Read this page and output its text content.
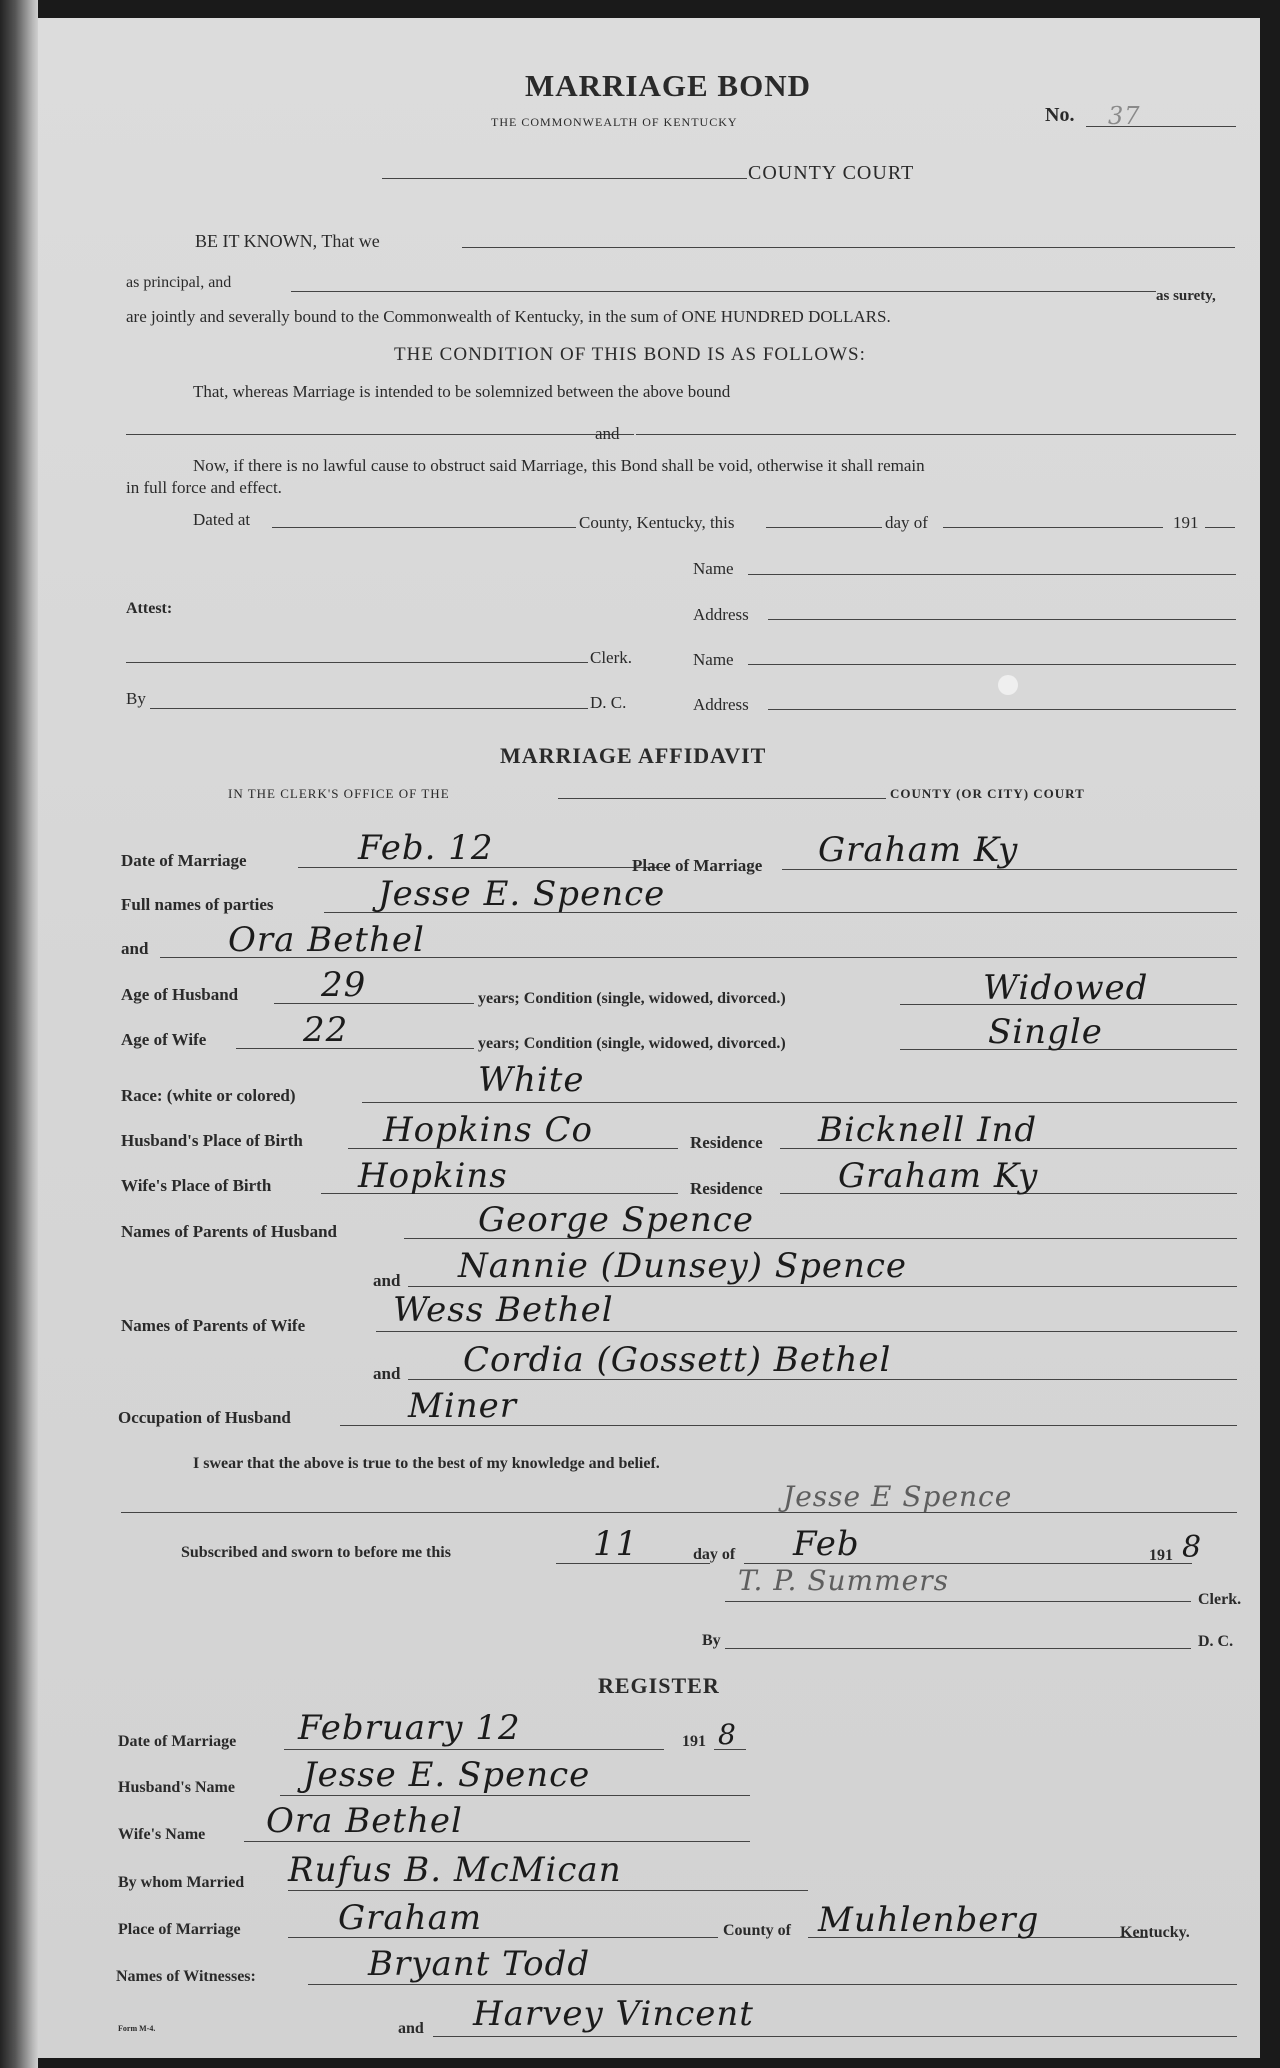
MARRIAGE BOND
THE COMMONWEALTH OF KENTUCKY	No. 37
COUNTY COURT
BE IT KNOWN, That we
as principal, and
as surety,
are jointly and severally bound to the Commonwealth of Kentucky, in the sum of ONE HUNDRED DOLLARS.
THE CONDITION OF THIS BOND IS AS FOLLOWS:
That, whereas Marriage is intended to be solemnized between the above bound
and
Now, if there is no lawful cause to obstruct said Marriage, this Bond shall be void, otherwise it shall remain
in full force and effect.
Dated at	County, Kentucky, this	day of	191
Name
Attest:	Address
Clerk.	Name
By	D. C.	Address
MARRIAGE AFFIDAVIT
IN THE CLERK'S OFFICE OF THE	COUNTY (OR CITY) COURT
Date of Marriage	Feb. 12	Place of Marriage Graham Ky
Full names of parties	Jesse E. Spence
and Ora Bethel
Age of Husband 29	years; Condition (single, widowed, divorced.)	Widowed
Age of Wife	22	years; Condition (single, widowed, divorced.)	Single
Race: (white or colored)	White
Husband's Place of Birth Hopkins Co	Residence Bicknell Ind
Wife's Place of Birth	Hopkins	Residence Graham Ky
Names of Parents of Husband	George Spence
and Nannie (Dunsey) Spence
Names of Parents of Wife	Wess Bethel
and Cordia (Gossett) Bethel
Occupation of Husband	Miner
I swear that the above is true to the best of my knowledge and belief.
Jesse E Spence
Subscribed and sworn to before me this	11	day of Feb	191 8
T. P. Summers
Clerk.
By	D. C.
REGISTER
Date of Marriage February 12	191 8
Husband's Name Jesse E. Spence
Wife's Name Ora Bethel
By whom Married Rufus B. McMican
Place of Marriage	Graham	County of Muhlenberg	Kentucky.
Names of Witnesses:	Bryant Todd
and Harvey Vincent
Form M-4.
